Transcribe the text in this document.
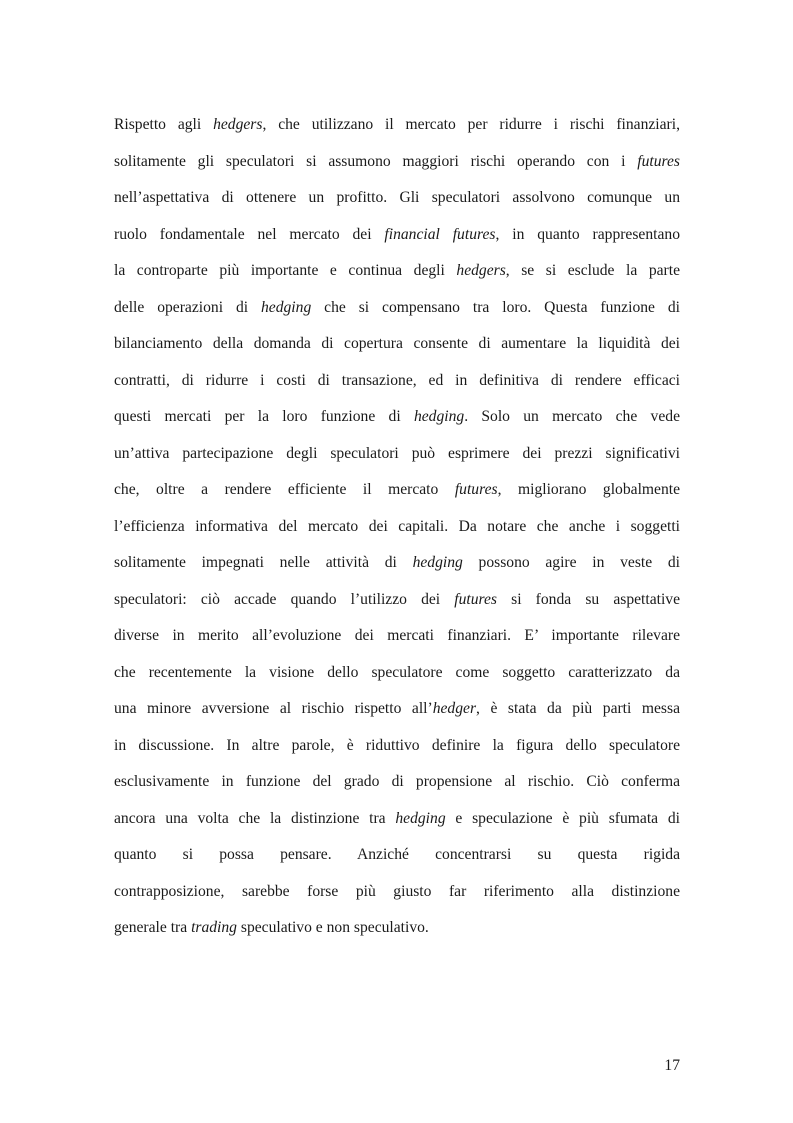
Rispetto agli hedgers, che utilizzano il mercato per ridurre i rischi finanziari,
solitamente gli speculatori si assumono maggiori rischi operando con i futures
nell’aspettativa di ottenere un profitto. Gli speculatori assolvono comunque un
ruolo fondamentale nel mercato dei financial futures, in quanto rappresentano
la controparte più importante e continua degli hedgers, se si esclude la parte
delle operazioni di hedging che si compensano tra loro. Questa funzione di
bilanciamento della domanda di copertura consente di aumentare la liquidità dei
contratti, di ridurre i costi di transazione, ed in definitiva di rendere efficaci
questi mercati per la loro funzione di hedging. Solo un mercato che vede
un’attiva partecipazione degli speculatori può esprimere dei prezzi significativi
che, oltre a rendere efficiente il mercato futures, migliorano globalmente
l’efficienza informativa del mercato dei capitali. Da notare che anche i soggetti
solitamente impegnati nelle attività di hedging possono agire in veste di
speculatori: ciò accade quando l’utilizzo dei futures si fonda su aspettative
diverse in merito all’evoluzione dei mercati finanziari. E’ importante rilevare
che recentemente la visione dello speculatore come soggetto caratterizzato da
una minore avversione al rischio rispetto all’hedger, è stata da più parti messa
in discussione. In altre parole, è riduttivo definire la figura dello speculatore
esclusivamente in funzione del grado di propensione al rischio. Ciò conferma
ancora una volta che la distinzione tra hedging e speculazione è più sfumata di
quanto si possa pensare. Anziché concentrarsi su questa rigida
contrapposizione, sarebbe forse più giusto far riferimento alla distinzione
generale tra trading speculativo e non speculativo.
17
